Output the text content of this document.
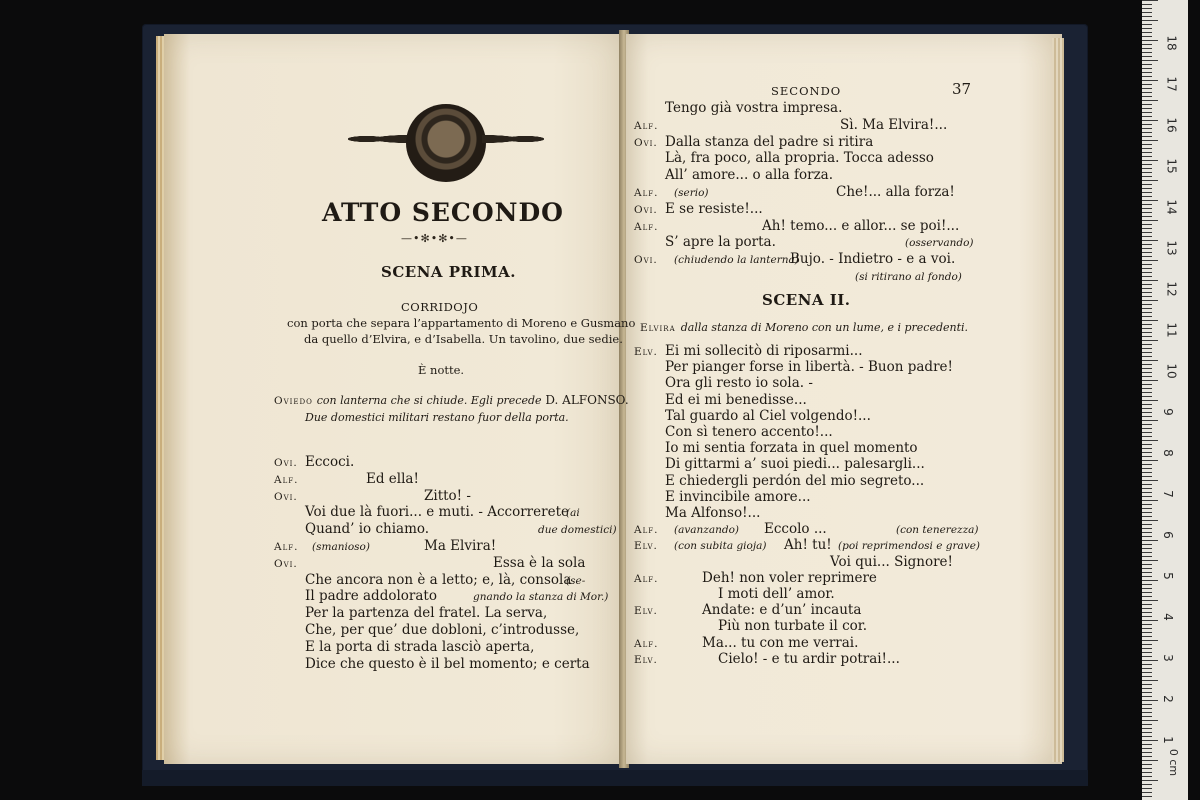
ATTO SECONDO
—•✻•✻•—
SCENA PRIMA.
CORRIDOJO
con porta che separa l’appartamento di Moreno e Gusmano
da quello d’Elvira, e d’Isabella. Un tavolino, due sedie.
È notte.
Oviedo con lanterna che si chiude. Egli precede D. ALFONSO.
Due domestici militari restano fuor della porta.
Ovi. Eccoci.
Alf.	Ed ella!
Ovi.	Zitto! -
Voi due là fuori... e muti. - Accorrerete
(ai
Quand’ io chiamo.	due domestici)
Alf. (smanioso)	Ma Elvira!
Ovi.	Essa è la sola
Che ancora non è a letto; e, là, consola
(se-
Il padre addolorato	gnando la stanza di Mor.)
Per la partenza del fratel. La serva,
Che, per que’ due dobloni, c’introdusse,
E la porta di strada lasciò aperta,
Dice che questo è il bel momento; e certa
SECONDO	37
Tengo già vostra impresa.
Alf.	Sì. Ma Elvira!...
Ovi. Dalla stanza del padre si ritira
Là, fra poco, alla propria. Tocca adesso
All’ amore... o alla forza.
Alf. (serio)	Che!... alla forza!
Ovi. E se resiste!...
Alf.	Ah! temo... e allor... se poi!...
S’ apre la porta.	(osservando)
Ovi. (chiudendo la lanterna)
Bujo. - Indietro - e a voi.
(si ritirano al fondo)
SCENA II.
Elvira dalla stanza di Moreno con un lume, e i precedenti.
Elv. Ei mi sollecitò di riposarmi...
Per pianger forse in libertà. - Buon padre!
Ora gli resto io sola. -
Ed ei mi benedisse...
Tal guardo al Ciel volgendo!...
Con sì tenero accento!...
Io mi sentia forzata in quel momento
Di gittarmi a’ suoi piedi... palesargli...
E chiedergli perdón del mio segreto...
E invincibile amore...
Ma Alfonso!...
Alf. (avanzando) Eccolo ...	(con tenerezza)
Elv. (con subita gioja) Ah! tu! (poi reprimendosi e grave)
Voi qui... Signore!
Alf.	Deh! non voler reprimere
I moti dell’ amor.
Elv.	Andate: e d’un’ incauta
Più non turbate il cor.
Alf.	Ma... tu con me verrai.
Elv.	Cielo! - e tu ardir potrai!...
1
2
3
4
5
6
7
8
9
10
11
12
13
14
15
16
17
18
0 cm
